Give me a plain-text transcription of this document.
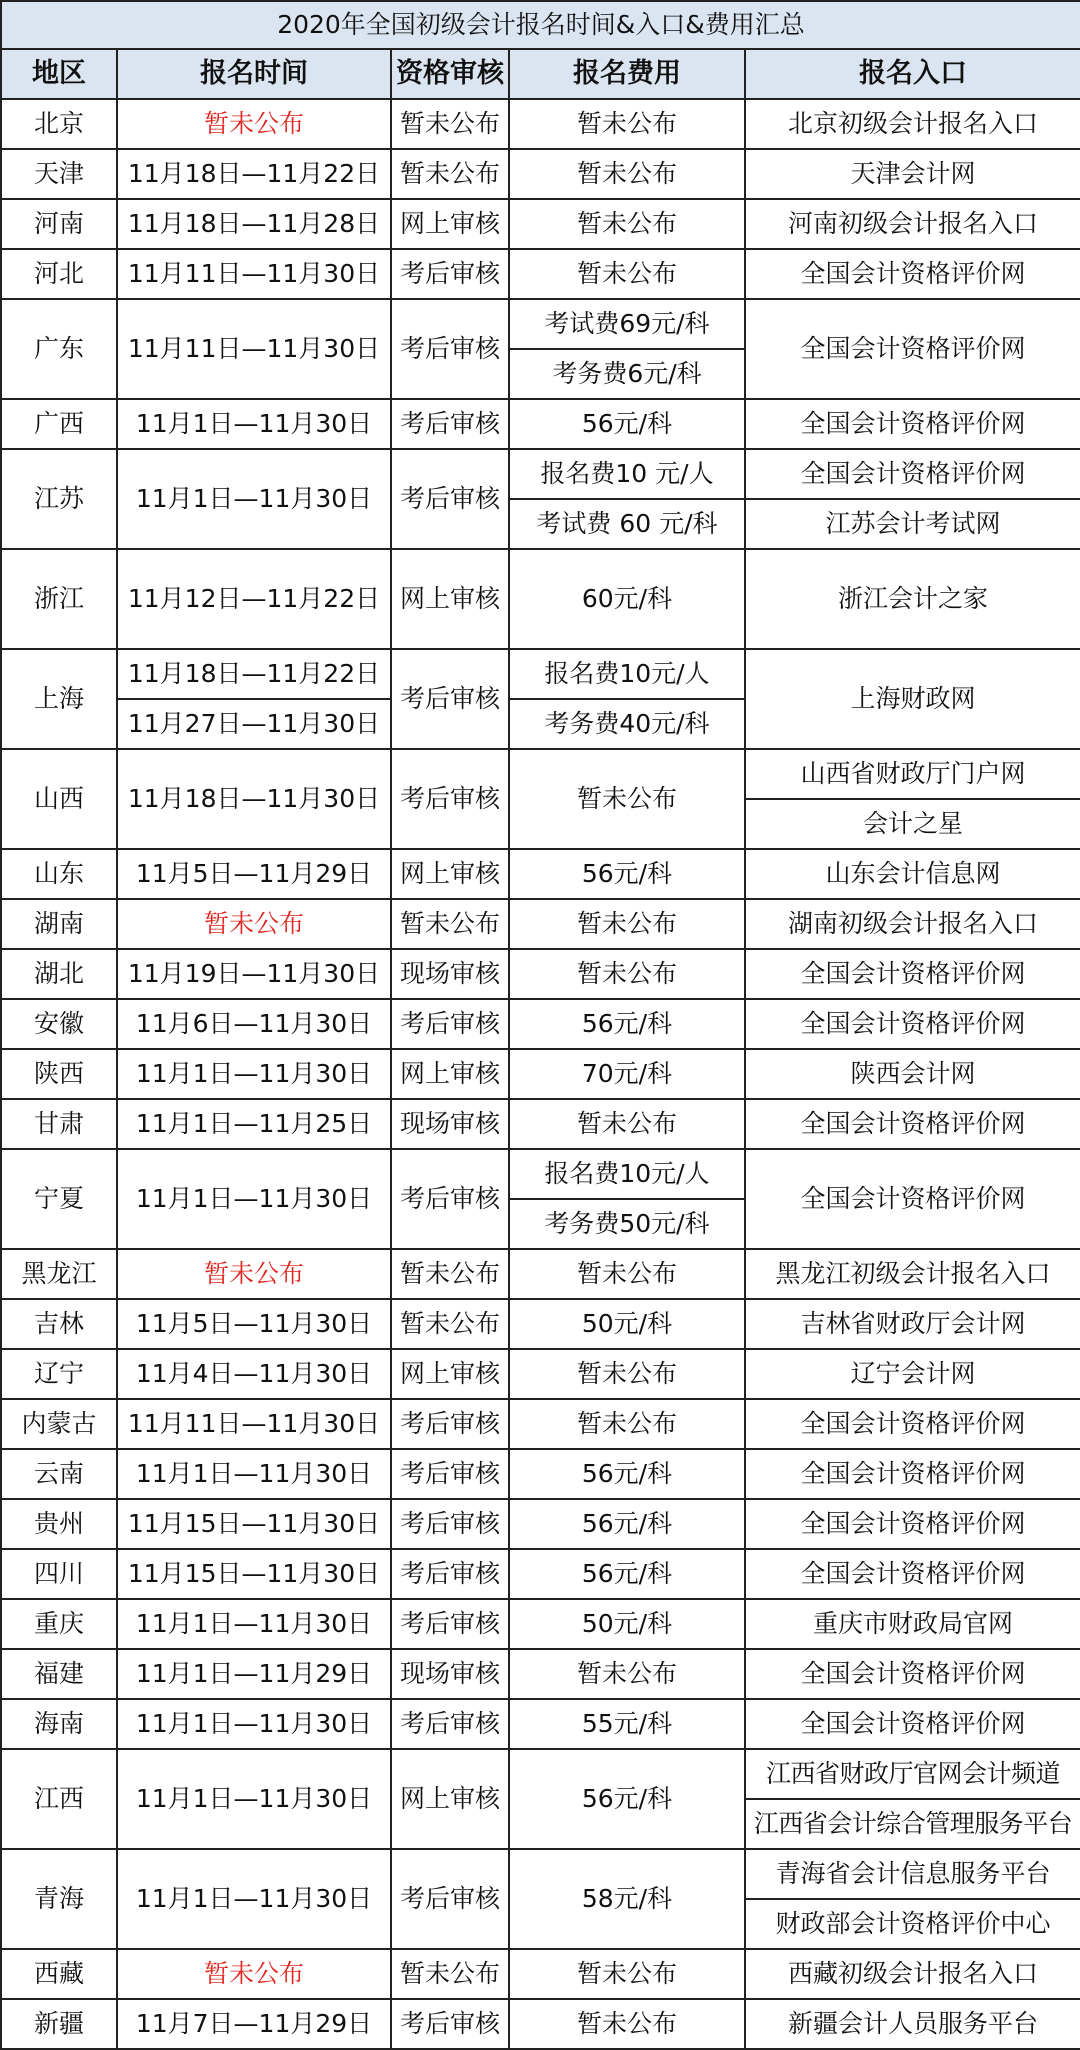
2020年全国初级会计报名时间&入口&费用汇总				
地区	报名时间	资格审核	报名费用	报名入口
北京	暂未公布	暂未公布	暂未公布	北京初级会计报名入口
天津	11月18日—11月22日	暂未公布	暂未公布	天津会计网
河南	11月18日—11月28日	网上审核	暂未公布	河南初级会计报名入口
河北	11月11日—11月30日	考后审核	暂未公布	全国会计资格评价网
广东	11月11日—11月30日	考后审核	考试费69元/科	全国会计资格评价网
			考务费6元/科	
广西	11月1日—11月30日	考后审核	56元/科	全国会计资格评价网
江苏	11月1日—11月30日	考后审核	报名费10 元/人	全国会计资格评价网
			考试费 60 元/科	江苏会计考试网
浙江	11月12日—11月22日	网上审核	60元/科	浙江会计之家

上海	11月18日—11月22日	考后审核	报名费10元/人	上海财政网
	11月27日—11月30日		考务费40元/科	
山西	11月18日—11月30日	考后审核	暂未公布	山西省财政厅门户网
				会计之星
山东	11月5日—11月29日	网上审核	56元/科	山东会计信息网
湖南	暂未公布	暂未公布	暂未公布	湖南初级会计报名入口
湖北	11月19日—11月30日	现场审核	暂未公布	全国会计资格评价网
安徽	11月6日—11月30日	考后审核	56元/科	全国会计资格评价网
陕西	11月1日—11月30日	网上审核	70元/科	陕西会计网
甘肃	11月1日—11月25日	现场审核	暂未公布	全国会计资格评价网
宁夏	11月1日—11月30日	考后审核	报名费10元/人	全国会计资格评价网
			考务费50元/科	
黑龙江	暂未公布	暂未公布	暂未公布	黑龙江初级会计报名入口
吉林	11月5日—11月30日	暂未公布	50元/科	吉林省财政厅会计网
辽宁	11月4日—11月30日	网上审核	暂未公布	辽宁会计网
内蒙古	11月11日—11月30日	考后审核	暂未公布	全国会计资格评价网
云南	11月1日—11月30日	考后审核	56元/科	全国会计资格评价网
贵州	11月15日—11月30日	考后审核	56元/科	全国会计资格评价网
四川	11月15日—11月30日	考后审核	56元/科	全国会计资格评价网
重庆	11月1日—11月30日	考后审核	50元/科	重庆市财政局官网
福建	11月1日—11月29日	现场审核	暂未公布	全国会计资格评价网
海南	11月1日—11月30日	考后审核	55元/科	全国会计资格评价网
江西	11月1日—11月30日	网上审核	56元/科	江西省财政厅官网会计频道
				江西省会计综合管理服务平台
青海	11月1日—11月30日	考后审核	58元/科	青海省会计信息服务平台
				财政部会计资格评价中心
西藏	暂未公布	暂未公布	暂未公布	西藏初级会计报名入口
新疆	11月7日—11月29日	考后审核	暂未公布	新疆会计人员服务平台
